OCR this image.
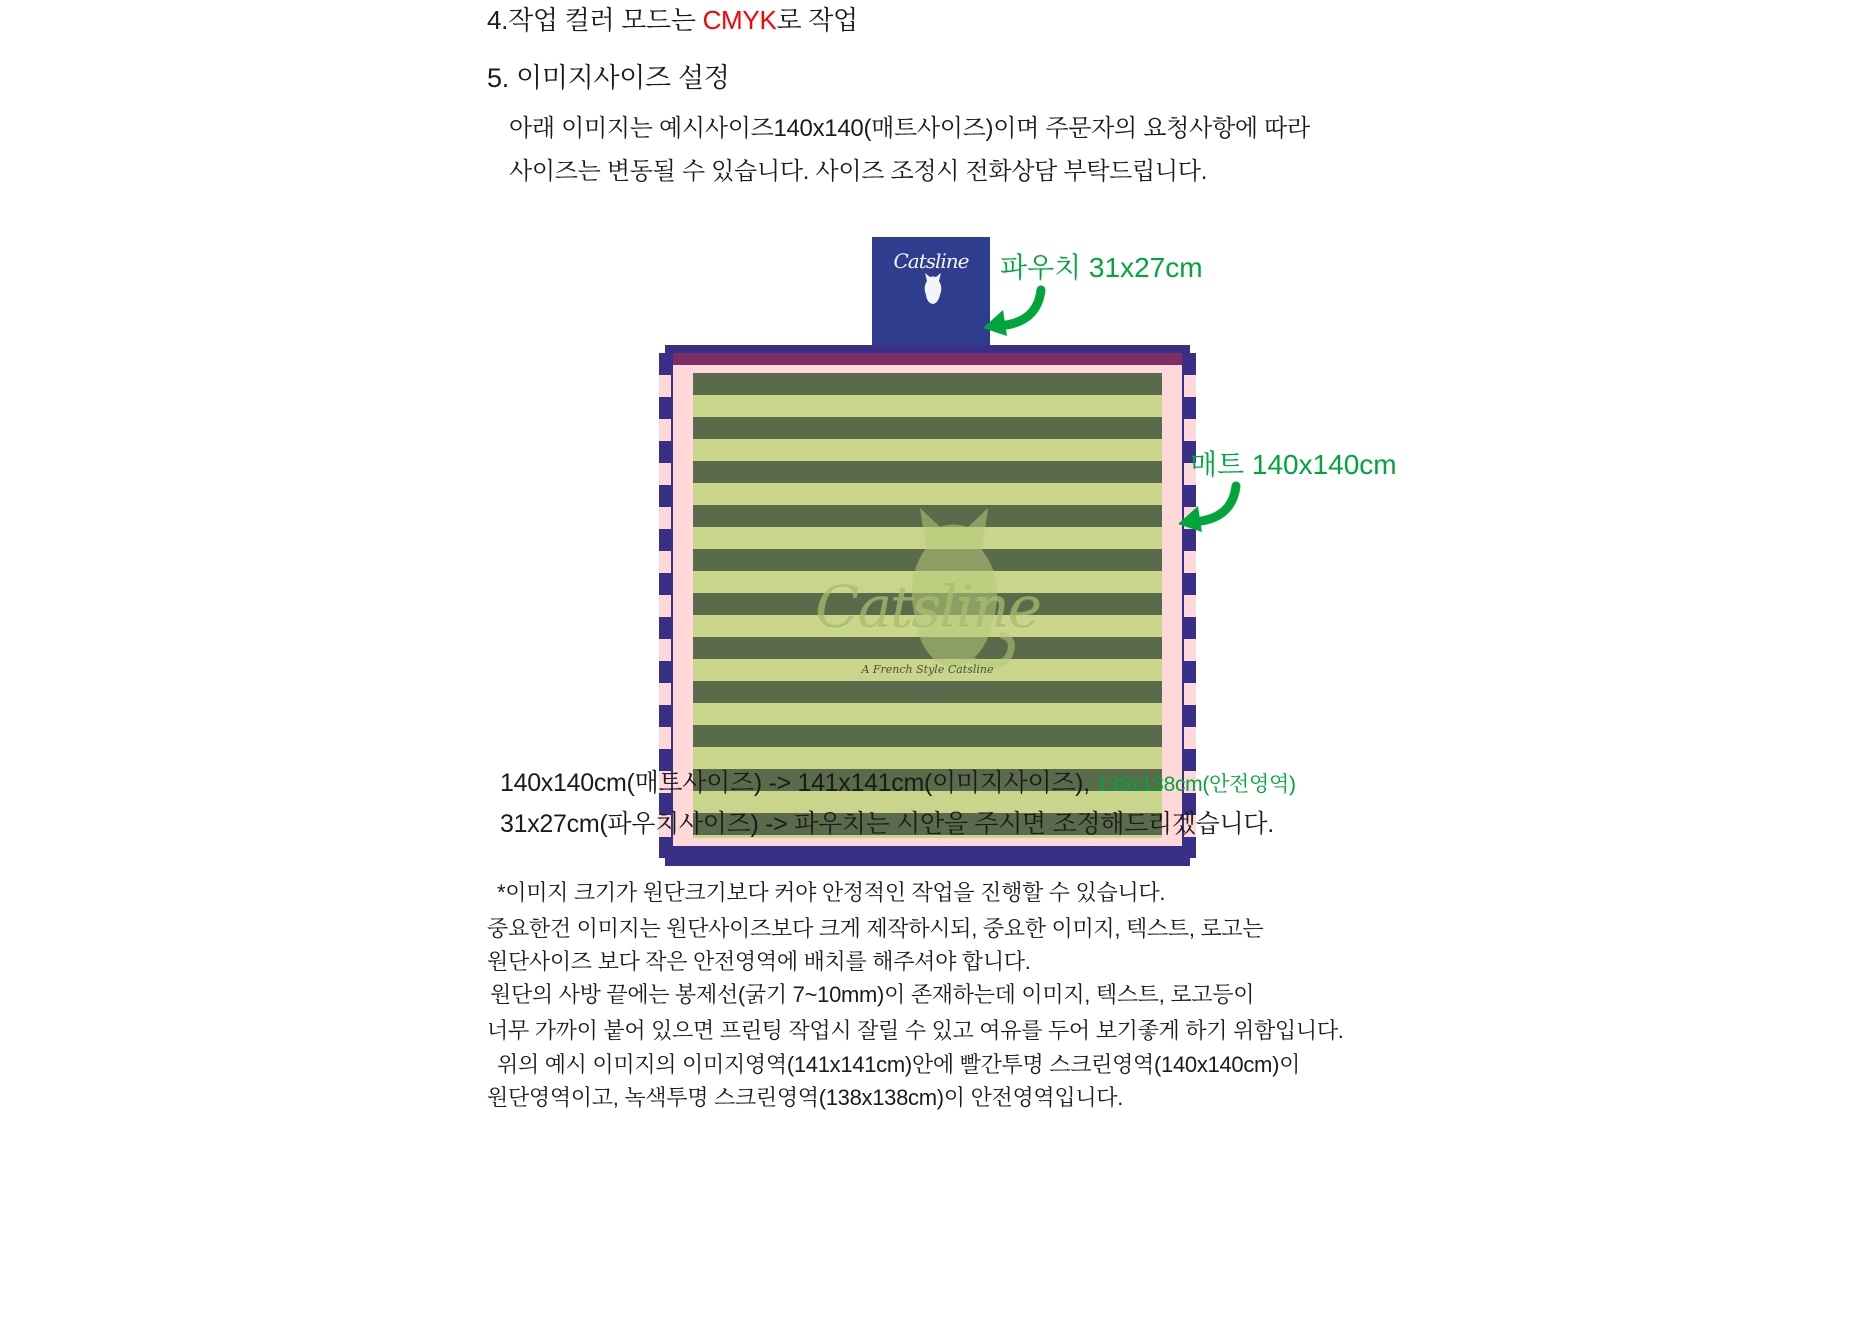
4.작업 컬러 모드는 CMYK로 작업
5. 이미지사이즈 설정
아래 이미지는 예시사이즈140x140(매트사이즈)이며 주문자의 요청사항에 따라
사이즈는 변동될 수 있습니다. 사이즈 조정시 전화상담 부탁드립니다.
Catsline
Catsline
A French Style Catsline
파우치 31x27cm
매트 140x140cm
140x140cm(매트사이즈) -> 141x141cm(이미지사이즈), 138x138cm(안전영역)
31x27cm(파우치사이즈) -> 파우치는 시안을 주시면 조정해드리겠습니다.
*이미지 크기가 원단크기보다 커야 안정적인 작업을 진행할 수 있습니다.
중요한건 이미지는 원단사이즈보다 크게 제작하시되, 중요한 이미지, 텍스트, 로고는
원단사이즈 보다 작은 안전영역에 배치를 해주셔야 합니다.
원단의 사방 끝에는 봉제선(굵기 7~10mm)이 존재하는데 이미지, 텍스트, 로고등이
너무 가까이 붙어 있으면 프린팅 작업시 잘릴 수 있고 여유를 두어 보기좋게 하기 위함입니다.
위의 예시 이미지의 이미지영역(141x141cm)안에 빨간투명 스크린영역(140x140cm)이
원단영역이고, 녹색투명 스크린영역(138x138cm)이 안전영역입니다.
